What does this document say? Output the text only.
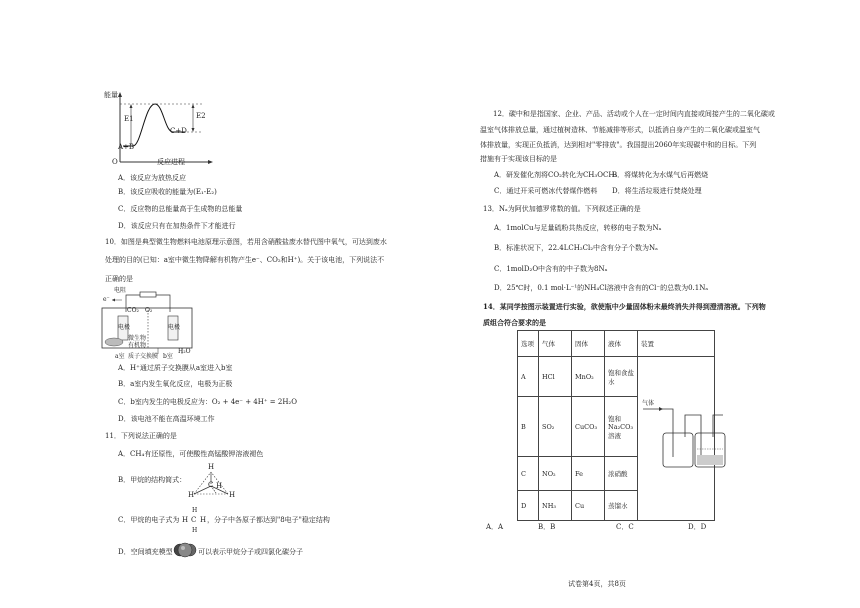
能量
O	反应进程
E1	E2
A+B
C+D
A．该反应为放热反应
B．该反应吸收的能量为(E₁-E₂)
C．反应物的总能量高于生成物的总能量
D．该反应只有在加热条件下才能进行
10．如图是典型微生物燃料电池原理示意图，若用含硝酸盐废水替代图中氧气，可达到废水
处理的目的(已知：a室中微生物降解有机物产生e⁻、CO₂和H⁺)。关于该电池，下列说法不
正确的是
电阻
e⁻
CO₂ O₂
电极	电极
微生物
有机物
a室 质子交换膜 b室
H₂O
A．H⁺通过质子交换膜从a室进入b室
B．a室内发生氧化反应，电极为正极
C．b室内发生的电极反应为：O₂ + 4e⁻ + 4H⁺ = 2H₂O
D．该电池不能在高温环境工作
11．下列说法正确的是
A．CH₄有还原性，可使酸性高锰酸钾溶液褪色
B．甲烷的结构简式：
H
C
H	H
H
C．甲烷的电子式为
H
H C H
H
，分子中各原子都达到"8电子"稳定结构
D．空间填充模型	可以表示甲烷分子或四氯化碳分子
12．碳中和是指国家、企业、产品、活动或个人在一定时间内直接或间接产生的二氧化碳或
温室气体排放总量，通过植树造林、节能减排等形式，以抵消自身产生的二氧化碳或温室气
体排放量，实现正负抵消，达到相对"零排放"。我国提出2060年实现碳中和的目标。下列
措施有于实现该目标的是
A．研发催化剂将CO₂转化为CH₃OCH₃
B．将煤转化为水煤气后再燃烧
C．通过开采可燃冰代替煤作燃料 D．将生活垃圾进行焚烧处理
13．Nₐ为阿伏加德罗常数的值。下列叙述正确的是
A．1molCu与足量硫粉共热反应，转移的电子数为Nₐ
B．标准状况下，22.4LCH₂Cl₂中含有分子个数为Nₐ
C．1molD₂O中含有的中子数为8Nₐ
D．25℃时，0.1 mol·L⁻¹的NH₄Cl溶液中含有的Cl⁻的总数为0.1Nₐ
14．某同学按图示装置进行实验，欲使瓶中少量固体粉末最终消失并得到澄清溶液。下列物
质组合符合要求的是
选项	气体	固体	液体	装置
A	HCl	MnO₂	饱和食盐水	气体

B	SO₂	CuCO₃	饱和Na₂CO₃溶液	
C	NO₂	Fe	浓硝酸	
D	NH₃	Cu	蒸馏水	
A．A	B．B	C．C	D．D
试卷第4页，共8页
